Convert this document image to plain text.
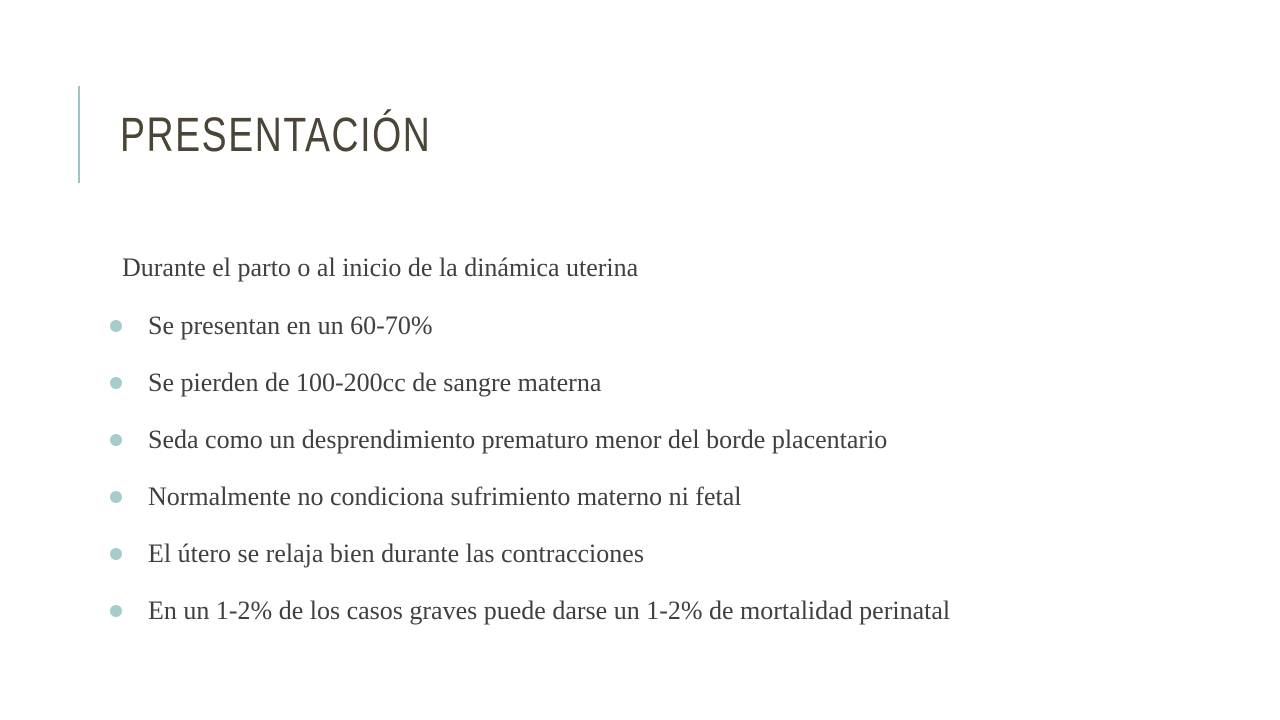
PRESENTACIÓN

Durante el parto o al inicio de la dinámica uterina

Se presentan en un 60-70%
Se pierden de 100-200cc de sangre materna
Seda como un desprendimiento prematuro menor del borde placentario
Normalmente no condiciona sufrimiento materno ni fetal
El útero se relaja bien durante las contracciones
En un 1-2% de los casos graves puede darse un 1-2% de mortalidad perinatal
